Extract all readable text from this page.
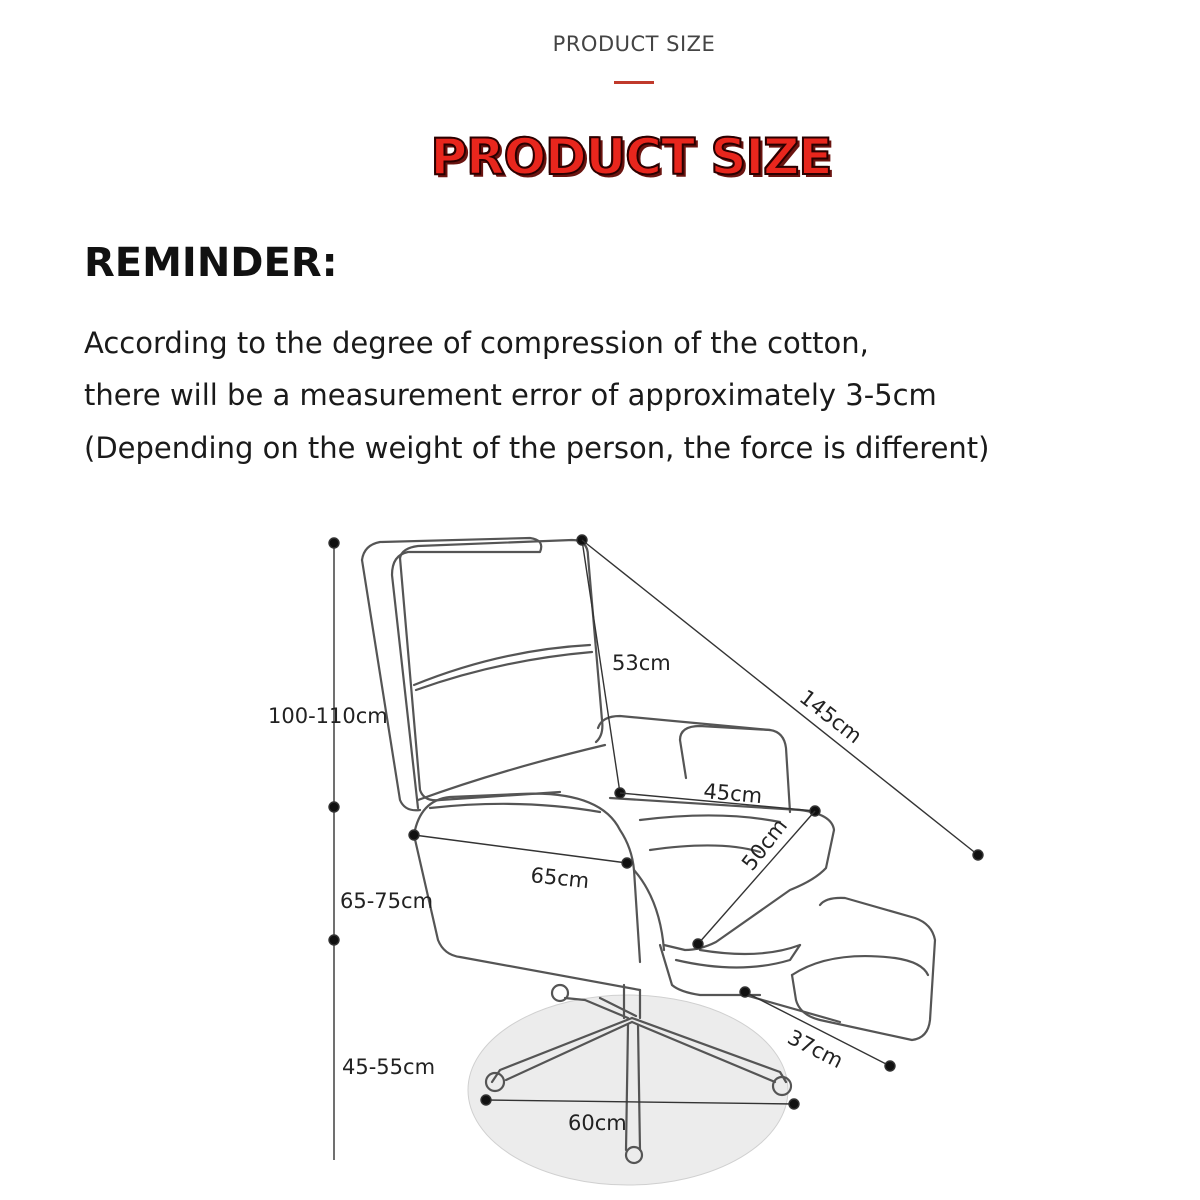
PRODUCT SIZE
PRODUCT SIZE
REMINDER:
According to the degree of compression of the cotton,
there will be a measurement error of approximately 3-5cm
(Depending on the weight of the person, the force is different)
100-110cm
65-75cm
45-55cm
53cm
145cm
45cm
50cm
65cm
37cm
60cm
